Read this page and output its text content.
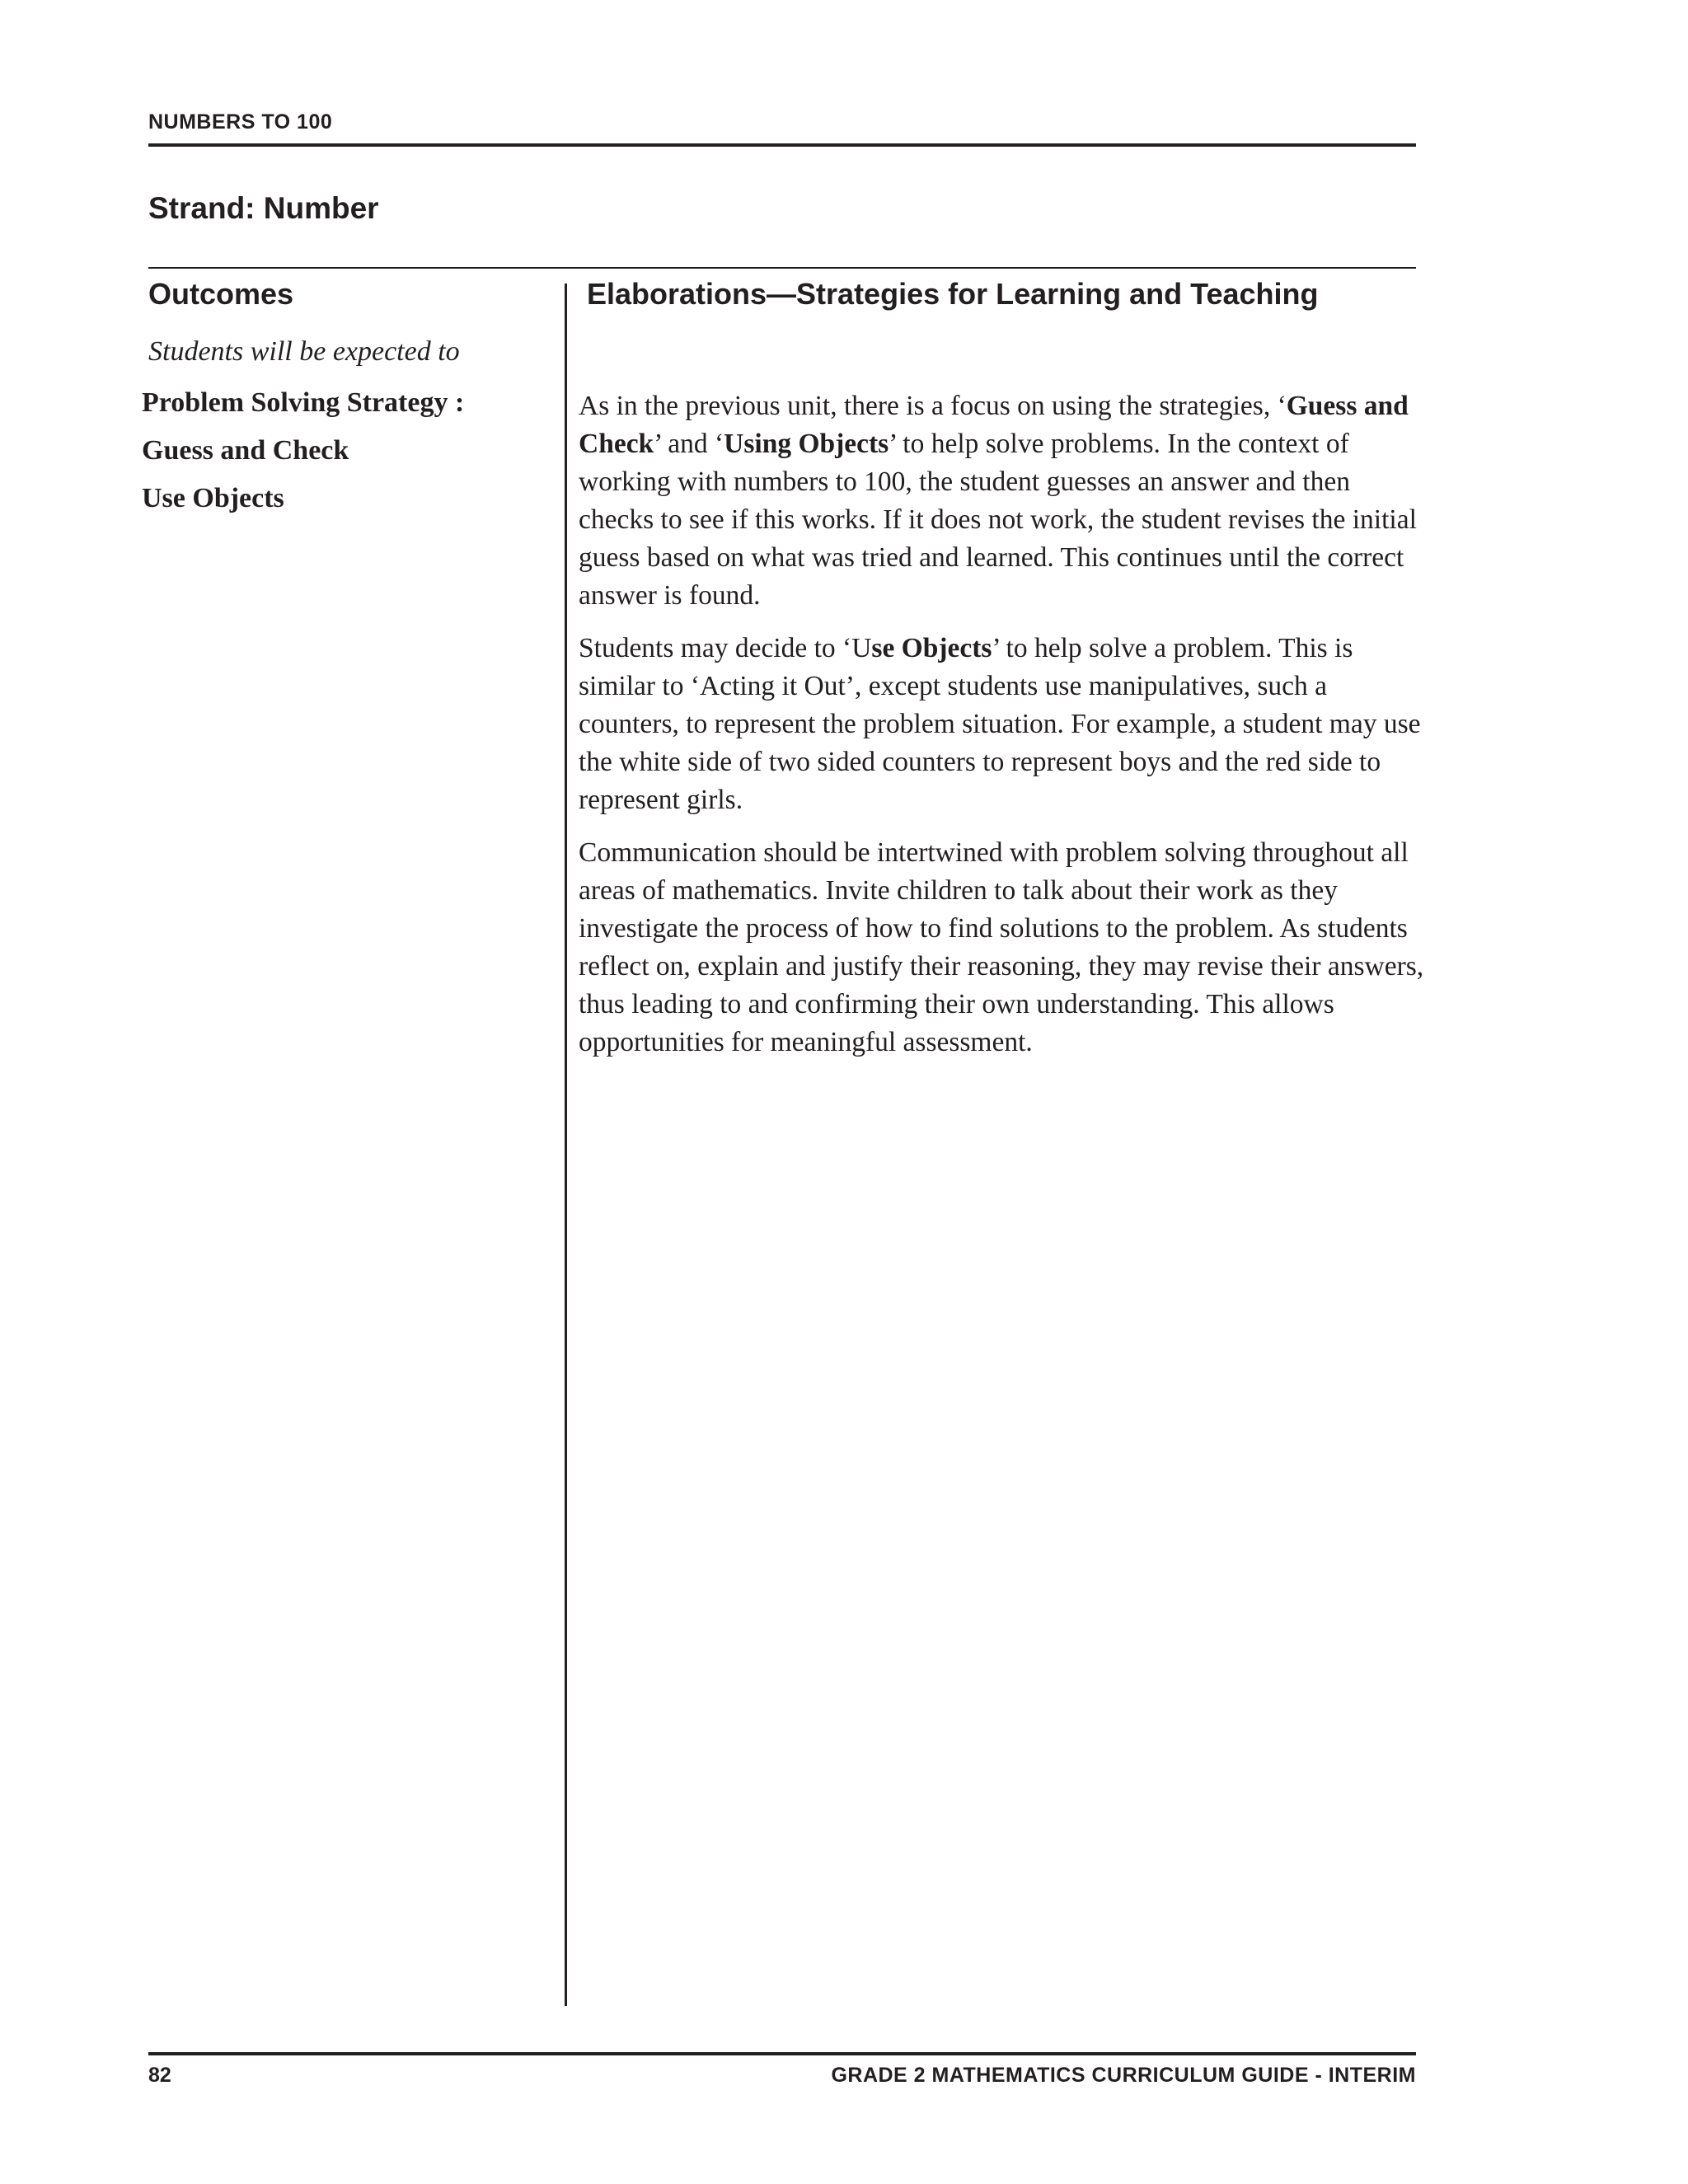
NUMBERS TO 100
Strand: Number
Outcomes
Students will be expected to
Problem Solving Strategy :
Guess and Check
Use Objects
Elaborations—Strategies for Learning and Teaching

As in the previous unit, there is a focus on using the strategies, ‘Guess and Check’ and ‘Using Objects’ to help solve problems. In the context of working with numbers to 100, the student guesses an answer and then checks to see if this works. If it does not work, the student revises the initial guess based on what was tried and learned. This continues until the correct answer is found.

Students may decide to ‘Use Objects’ to help solve a problem. This is similar to ‘Acting it Out’, except students use manipulatives, such a counters, to represent the problem situation. For example, a student may use the white side of two sided counters to represent boys and the red side to represent girls.

Communication should be intertwined with problem solving throughout all areas of mathematics. Invite children to talk about their work as they investigate the process of how to find solutions to the problem. As students reflect on, explain and justify their reasoning, they may revise their answers, thus leading to and confirming their own understanding. This allows opportunities for meaningful assessment.

82	GRADE 2 MATHEMATICS CURRICULUM GUIDE - INTERIM
